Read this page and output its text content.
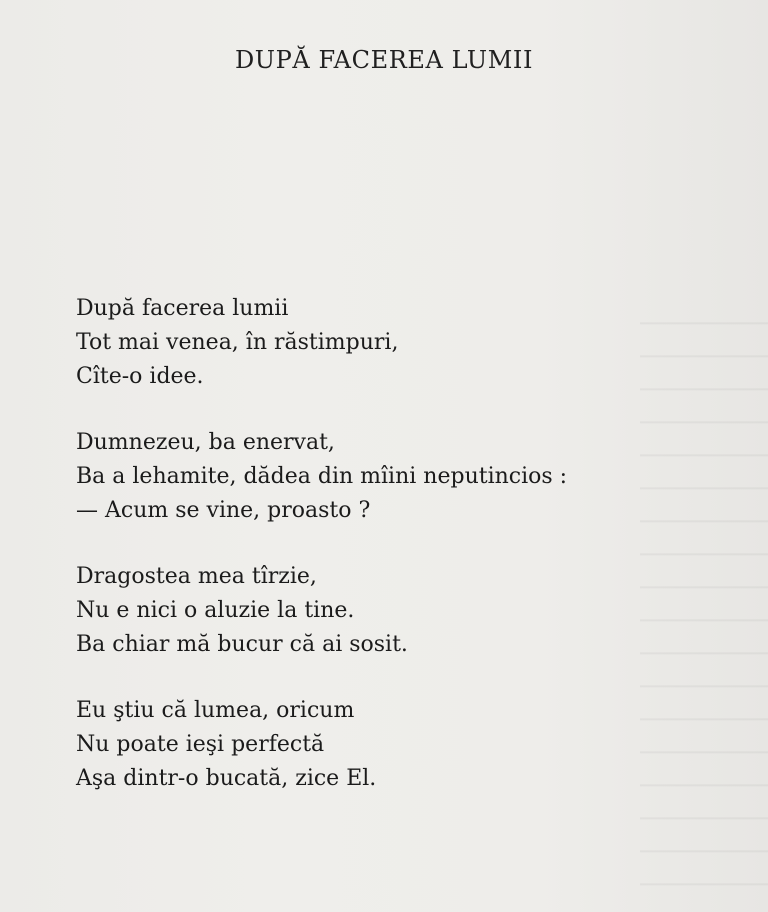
DUPĂ FACEREA LUMII

După facerea lumii
Tot mai venea, în răstimpuri,
Cîte-o idee.

Dumnezeu, ba enervat,
Ba a lehamite, dădea din mîini neputincios :
— Acum se vine, proasto ?

Dragostea mea tîrzie,
Nu e nici o aluzie la tine.
Ba chiar mă bucur că ai sosit.

Eu ştiu că lumea, oricum
Nu poate ieşi perfectă
Aşa dintr-o bucată, zice El.
